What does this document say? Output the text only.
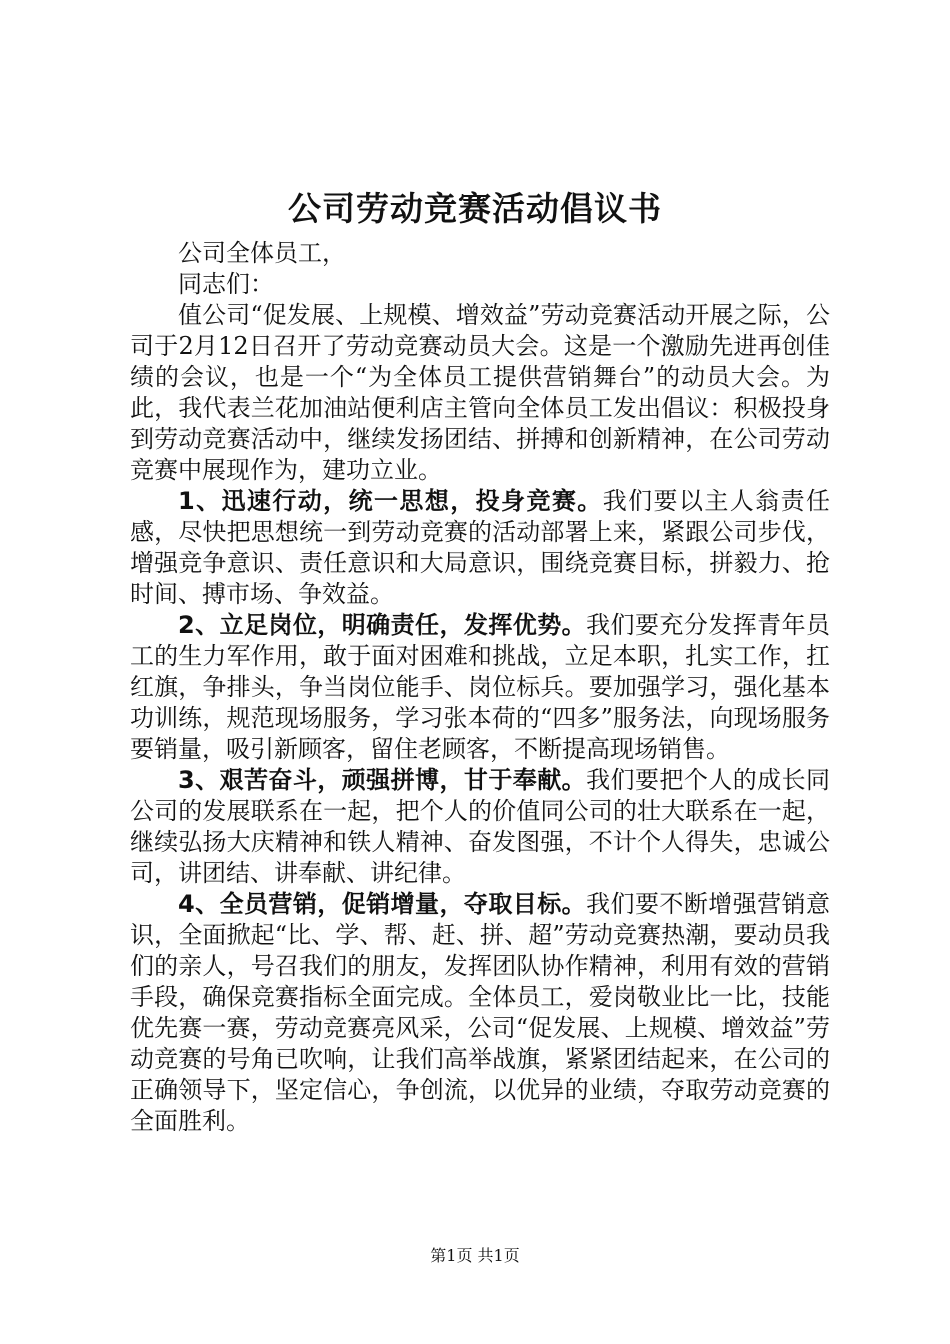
公司劳动竞赛活动倡议书

公司全体员工，

同志们：

值公司“促发展、上规模、增效益”劳动竞赛活动开展之际，公司于2月12日召开了劳动竞赛动员大会。这是一个激励先进再创佳绩的会议，也是一个“为全体员工提供营销舞台”的动员大会。为此，我代表兰花加油站便利店主管向全体员工发出倡议：积极投身到劳动竞赛活动中，继续发扬团结、拼搏和创新精神，在公司劳动竞赛中展现作为，建功立业。

1、迅速行动，统一思想，投身竞赛。我们要以主人翁责任感，尽快把思想统一到劳动竞赛的活动部署上来，紧跟公司步伐，增强竞争意识、责任意识和大局意识，围绕竞赛目标，拼毅力、抢时间、搏市场、争效益。

2、立足岗位，明确责任，发挥优势。我们要充分发挥青年员工的生力军作用，敢于面对困难和挑战，立足本职，扎实工作，扛红旗，争排头，争当岗位能手、岗位标兵。要加强学习，强化基本功训练，规范现场服务，学习张本荷的“四多”服务法，向现场服务要销量，吸引新顾客，留住老顾客，不断提高现场销售。

3、艰苦奋斗，顽强拼博，甘于奉献。我们要把个人的成长同公司的发展联系在一起，把个人的价值同公司的壮大联系在一起，继续弘扬大庆精神和铁人精神、奋发图强，不计个人得失，忠诚公司，讲团结、讲奉献、讲纪律。

4、全员营销，促销增量，夺取目标。我们要不断增强营销意识，全面掀起“比、学、帮、赶、拼、超”劳动竞赛热潮，要动员我们的亲人，号召我们的朋友，发挥团队协作精神，利用有效的营销手段，确保竞赛指标全面完成。全体员工，爱岗敬业比一比，技能优先赛一赛，劳动竞赛亮风采，公司“促发展、上规模、增效益”劳动竞赛的号角已吹响，让我们高举战旗，紧紧团结起来，在公司的正确领导下，坚定信心，争创流，以优异的业绩，夺取劳动竞赛的全面胜利。

第1页 共1页
